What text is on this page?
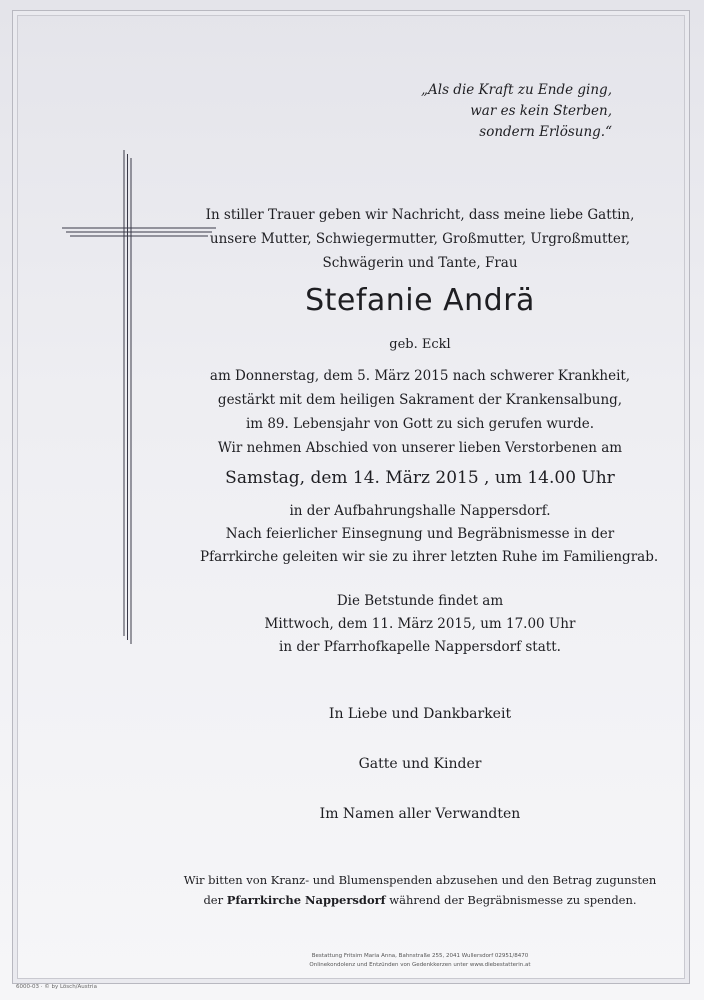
„Als die Kraft zu Ende ging,
war es kein Sterben,
sondern Erlösung.“
In stiller Trauer geben wir Nachricht, dass meine liebe Gattin,
unsere Mutter, Schwiegermutter, Großmutter, Urgroßmutter,
Schwägerin und Tante, Frau
Stefanie Andrä
geb. Eckl
am Donnerstag, dem 5. März 2015 nach schwerer Krankheit,
gestärkt mit dem heiligen Sakrament der Krankensalbung,
im 89. Lebensjahr von Gott zu sich gerufen wurde.
Wir nehmen Abschied von unserer lieben Verstorbenen am
Samstag, dem 14. März 2015 , um 14.00 Uhr
in der Aufbahrungshalle Nappersdorf.
Nach feierlicher Einsegnung und Begräbnismesse in der
Pfarrkirche geleiten wir sie zu ihrer letzten Ruhe im Familiengrab.
Die Betstunde findet am
Mittwoch, dem 11. März 2015, um 17.00 Uhr
in der Pfarrhofkapelle Nappersdorf statt.
In Liebe und Dankbarkeit
Gatte und Kinder
Im Namen aller Verwandten
Wir bitten von Kranz- und Blumenspenden abzusehen und den Betrag zugunsten
der Pfarrkirche Nappersdorf während der Begräbnismesse zu spenden.
Bestattung Fritsim Maria Anna, Bahnstraße 255, 2041 Wullersdorf 02951/8470
Onlinekondolenz und Entzünden von Gedenkkerzen unter www.diebestatterin.at
6000-03 · © by Lösch/Austria
